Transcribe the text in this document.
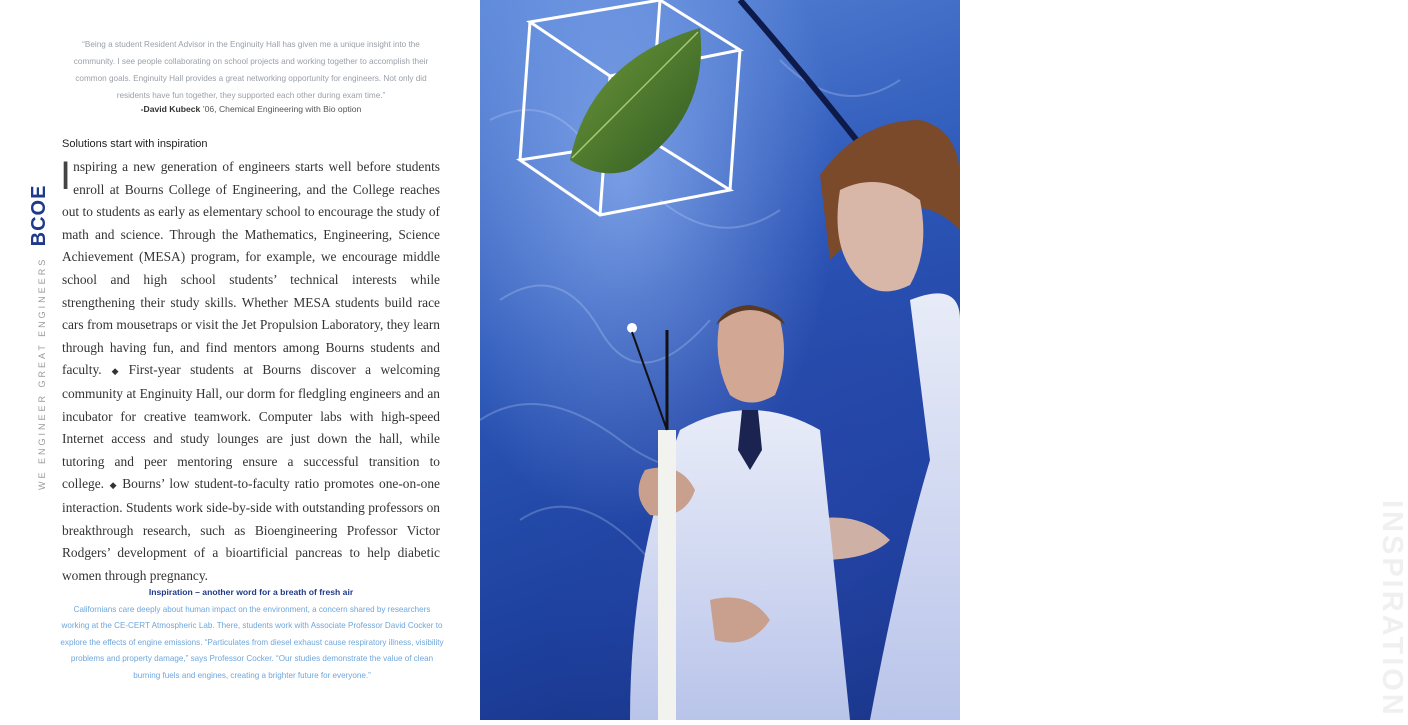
“Being a student Resident Advisor in the Enginuity Hall has given me a unique insight into the community. I see people collaborating on school projects and working together to accomplish their common goals. Enginuity Hall provides a great networking opportunity for engineers. Not only did residents have fun together, they supported each other during exam time.”
-David Kubeck ’06, Chemical Engineering with Bio option
Solutions start with inspiration
Inspiring a new generation of engineers starts well before students enroll at Bourns College of Engineering, and the College reaches out to students as early as elementary school to encourage the study of math and science. Through the Mathematics, Engineering, Science Achievement (MESA) program, for example, we encourage middle school and high school students’ technical interests while strengthening their study skills. Whether MESA students build race cars from mousetraps or visit the Jet Propulsion Laboratory, they learn through having fun, and find mentors among Bourns students and faculty. ◆ First-year students at Bourns discover a welcoming community at Enginuity Hall, our dorm for fledgling engineers and an incubator for creative teamwork. Computer labs with high-speed Internet access and study lounges are just down the hall, while tutoring and peer mentoring ensure a successful transition to college. ◆ Bourns’ low student-to-faculty ratio promotes one-on-one interaction. Students work side-by-side with outstanding professors on breakthrough research, such as Bioengineering Professor Victor Rodgers’ development of a bioartificial pancreas to help diabetic women through pregnancy.
WE ENGINEER GREAT ENGINEERS BCOE
Inspiration – another word for a breath of fresh air
Californians care deeply about human impact on the environment, a concern shared by researchers working at the CE-CERT Atmospheric Lab. There, students work with Associate Professor David Cocker to explore the effects of engine emissions. “Particulates from diesel exhaust cause respiratory illness, visibility problems and property damage,” says Professor Cocker. “Our studies demonstrate the value of clean burning fuels and engines, creating a brighter future for everyone.”	INSPIRATION
